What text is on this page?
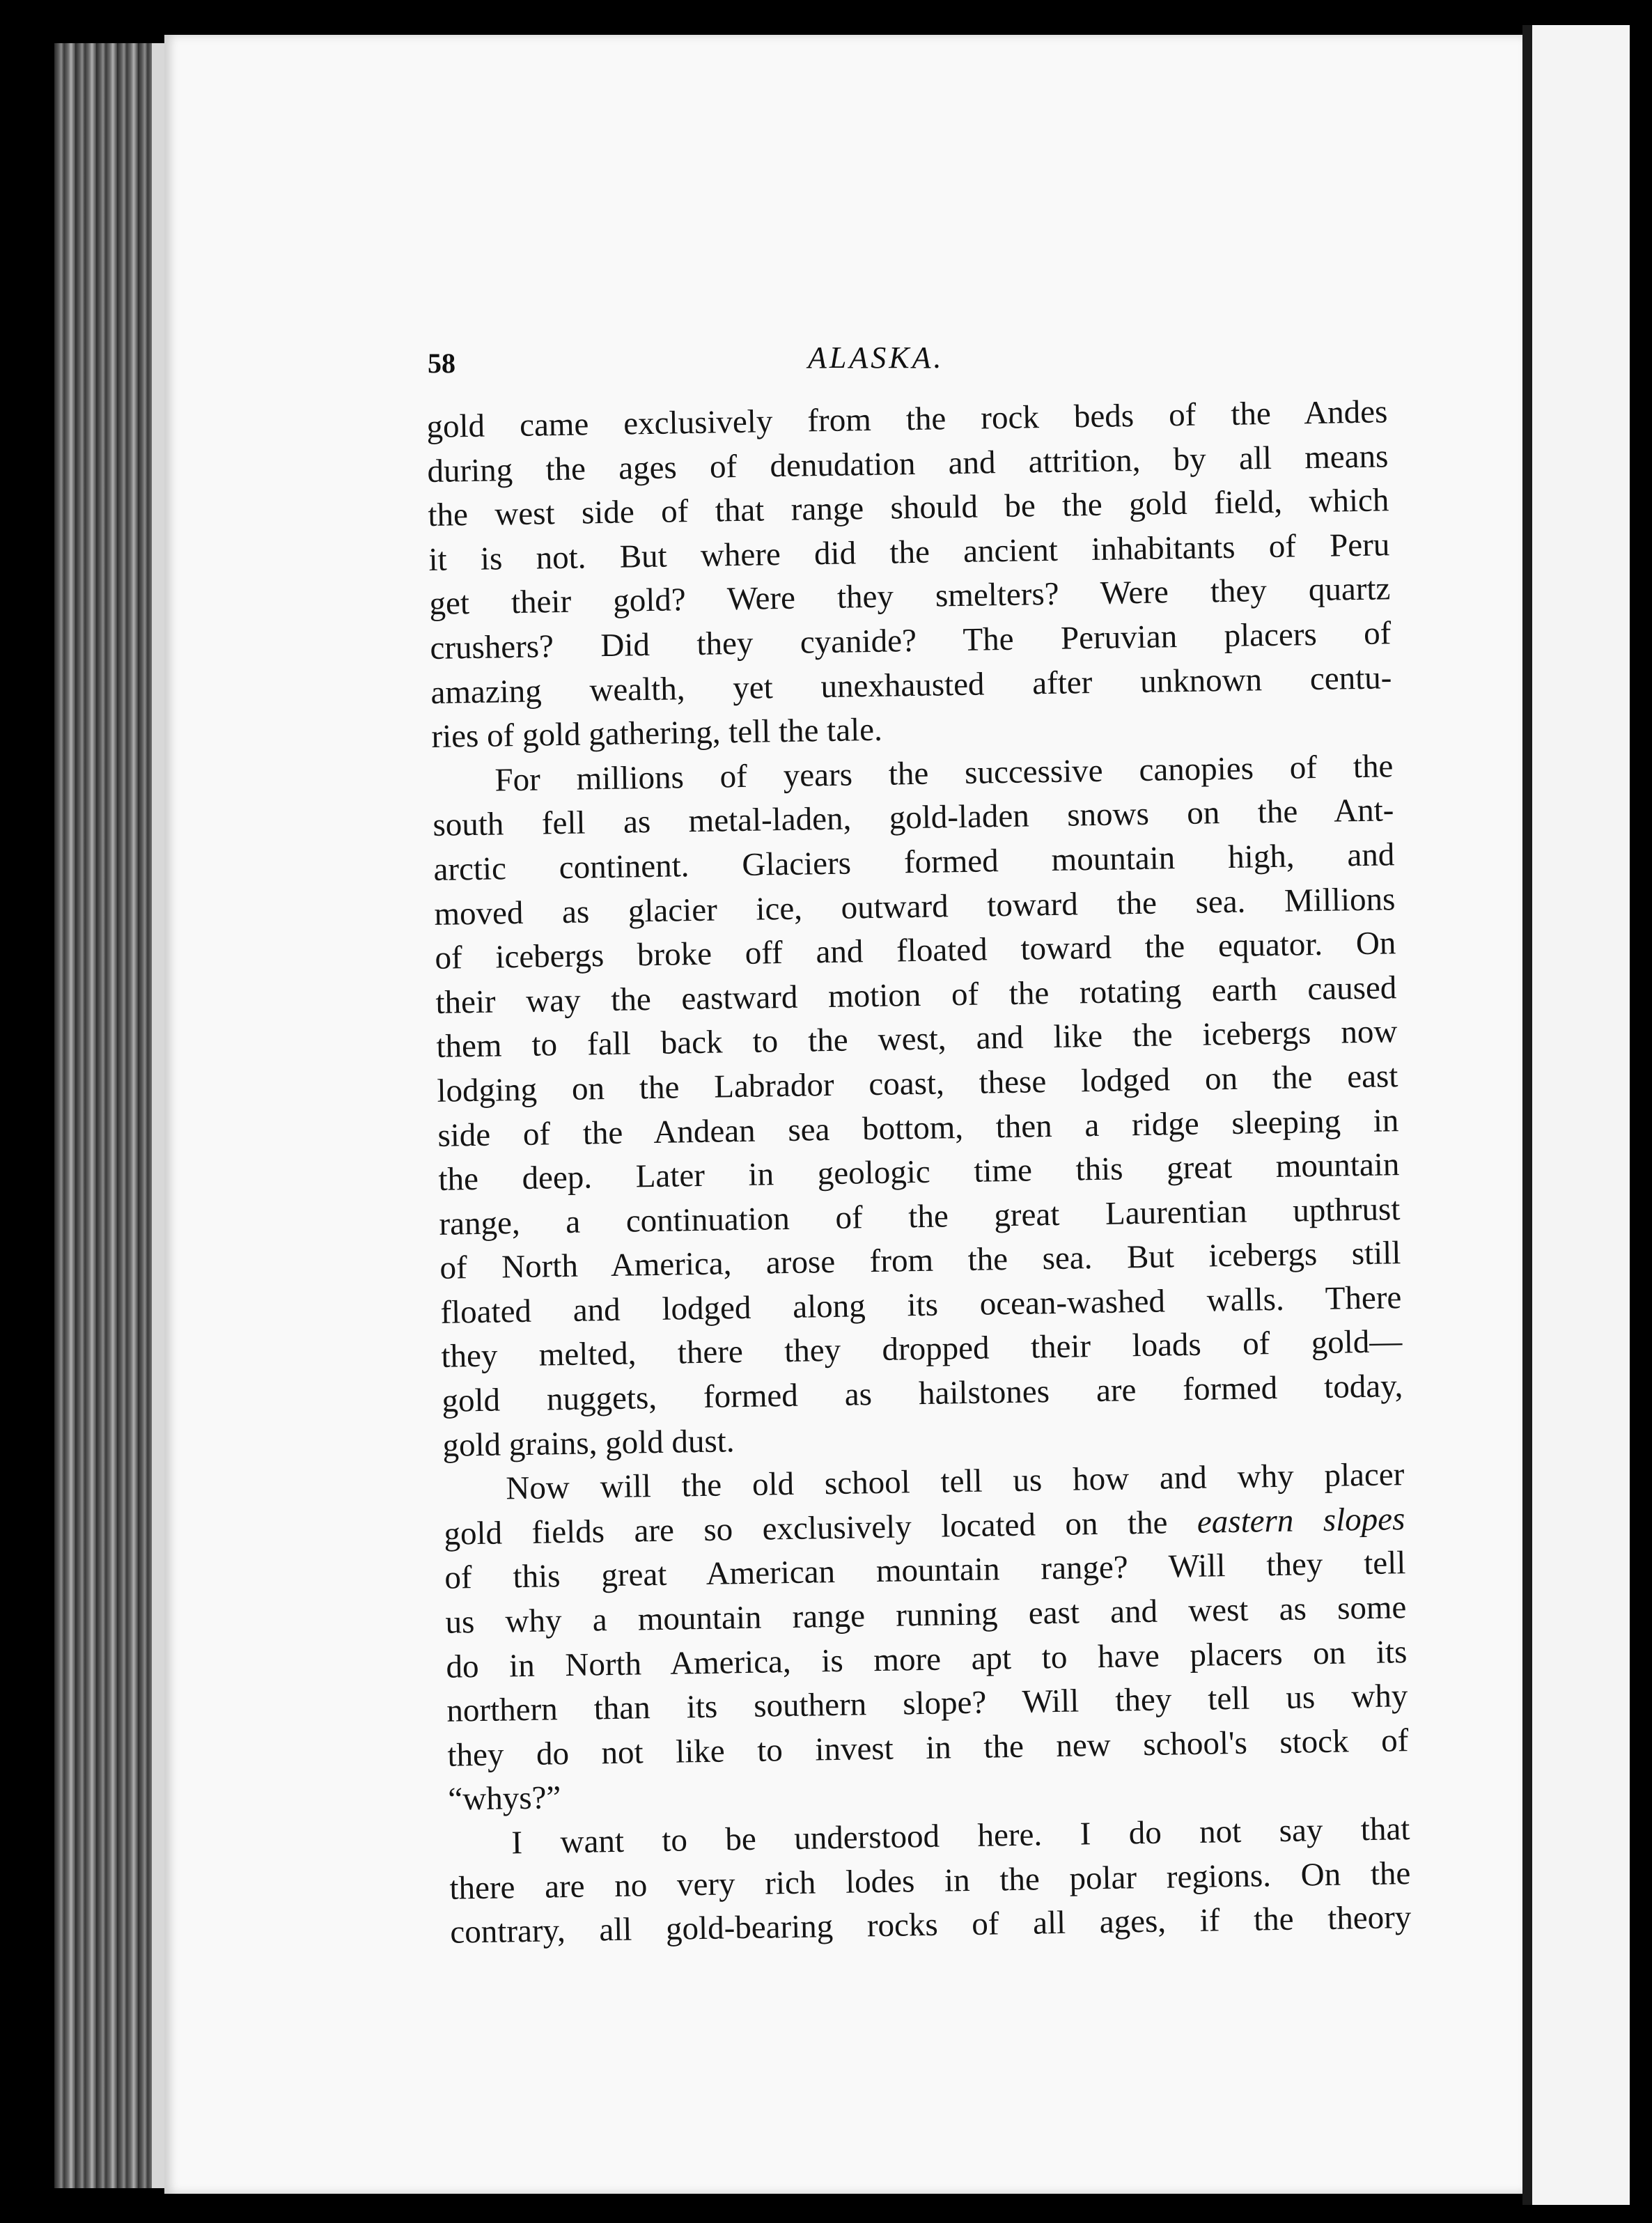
58	ALASKA.

gold came exclusively from the rock beds of the Andes
during the ages of denudation and attrition, by all means
the west side of that range should be the gold field, which
it is not. But where did the ancient inhabitants of Peru
get their gold? Were they smelters? Were they quartz
crushers? Did they cyanide? The Peruvian placers of
amazing wealth, yet unexhausted after unknown centu-
ries of gold gathering, tell the tale.

For millions of years the successive canopies of the
south fell as metal-laden, gold-laden snows on the Ant-
arctic continent. Glaciers formed mountain high, and
moved as glacier ice, outward toward the sea. Millions
of icebergs broke off and floated toward the equator. On
their way the eastward motion of the rotating earth caused
them to fall back to the west, and like the icebergs now
lodging on the Labrador coast, these lodged on the east
side of the Andean sea bottom, then a ridge sleeping in
the deep. Later in geologic time this great mountain
range, a continuation of the great Laurentian upthrust
of North America, arose from the sea. But icebergs still
floated and lodged along its ocean-washed walls. There
they melted, there they dropped their loads of gold—
gold nuggets, formed as hailstones are formed today,
gold grains, gold dust.

Now will the old school tell us how and why placer
gold fields are so exclusively located on the eastern slopes
of this great American mountain range? Will they tell
us why a mountain range running east and west as some
do in North America, is more apt to have placers on its
northern than its southern slope? Will they tell us why
they do not like to invest in the new school's stock of
“whys?”

I want to be understood here. I do not say that
there are no very rich lodes in the polar regions. On the
contrary, all gold-bearing rocks of all ages, if the theory
